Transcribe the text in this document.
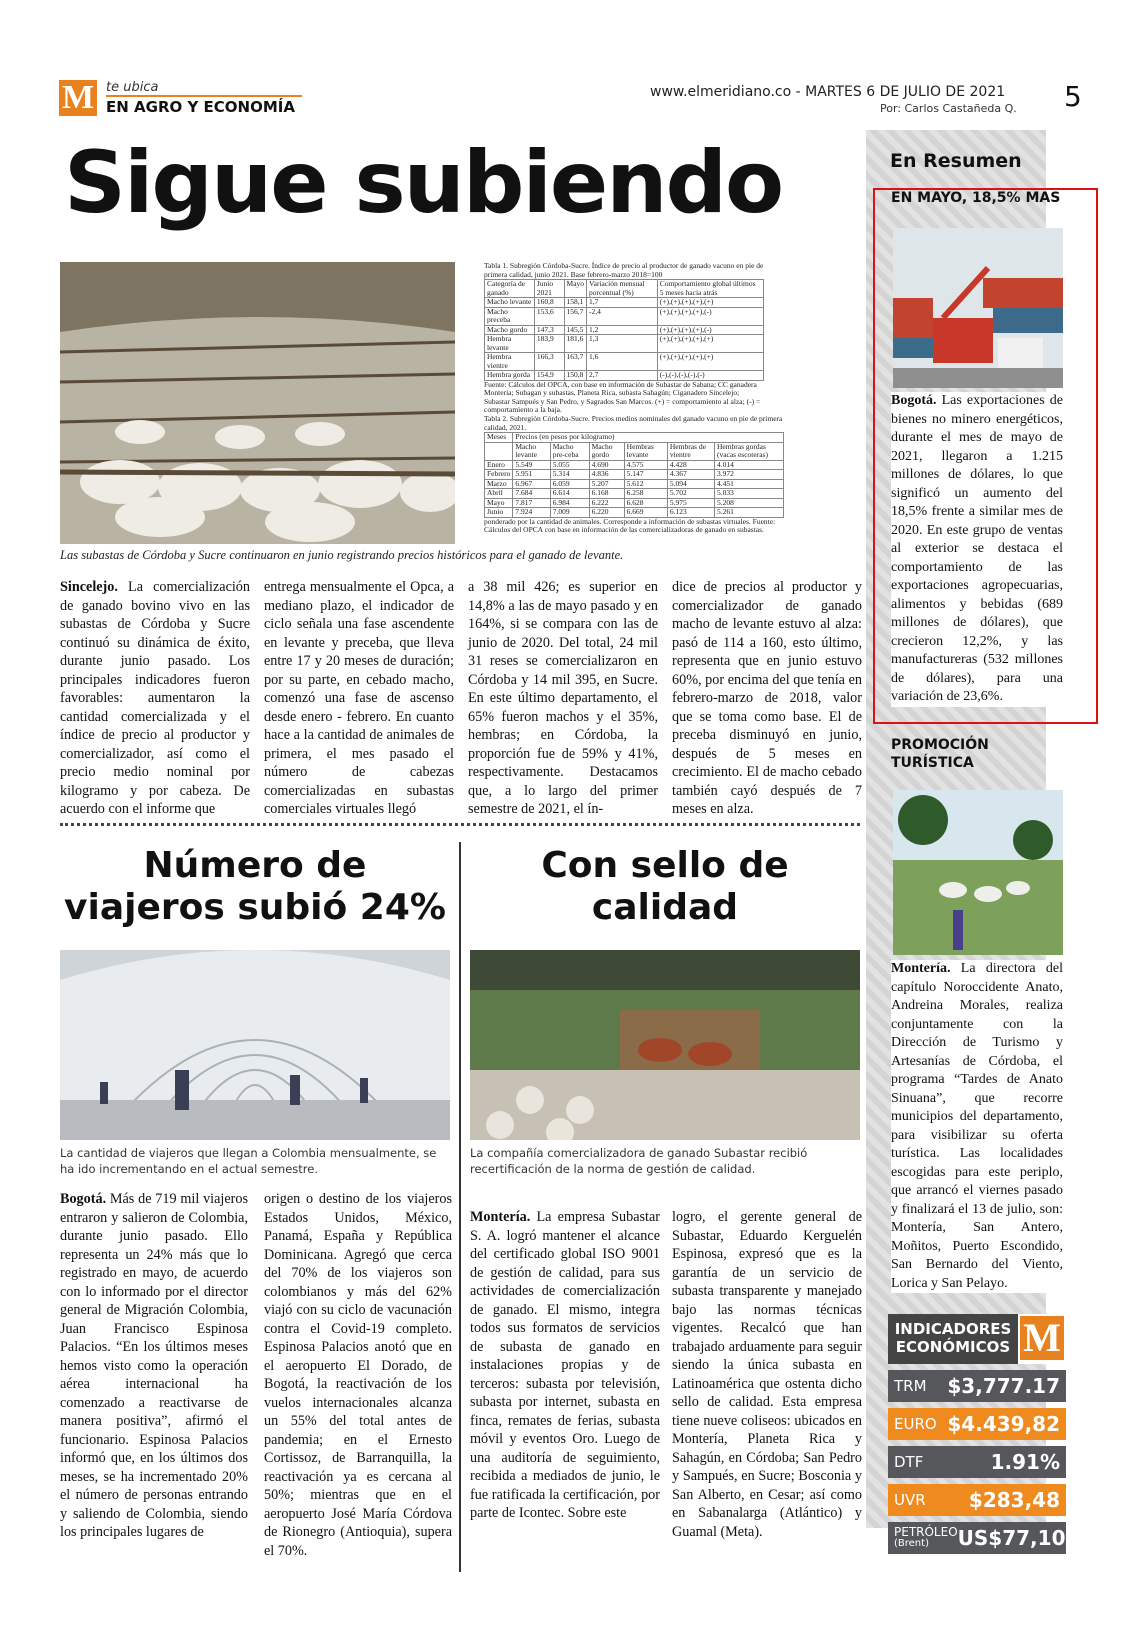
M te ubica
EN AGRO Y ECONOMÍA
www.elmeridiano.co - MARTES 6 DE JULIO DE 2021
Por: Carlos Castañeda Q. 5
Sigue subiendo
Las subastas de Córdoba y Sucre continuaron en junio registrando precios históricos para el ganado de levante.
Tabla 1. Subregión Córdoba-Sucre. Índice de precio al productor de ganado vacuno en pie de primera calidad, junio 2021. Base febrero-marzo 2018=100
Categoría de ganado	Junio 2021	Mayo	Variación mensual porcentual (%)	Comportamiento global últimos 5 meses hacia atrás
Macho levante	160,8	158,1	1,7	(+),(+),(+),(+),(+)
Macho preceba	153,6	156,7	-2,4	(+),(+),(+),(+),(-)
Macho gordo	147,3	145,5	1,2	(+),(+),(+),(+),(-)
Hembra levante	183,9	181,6	1,3	(+),(+),(+),(+),(+)
Hembra vientre	166,3	163,7	1,6	(+),(+),(+),(+),(+)
Hembra gorda	154,9	150,8	2,7	(-),(-),(-),(-),(-)
Fuente: Cálculos del OPCA, con base en información de Subastar de Sabana; CC ganadera Montería; Subagan y subastas, Planeta Rica, subasta Sahagún; Ciganadero Sincelejo; Subastar Sampués y San Pedro, y Sagrados San Marcos. (+) = comportamiento al alza; (-) = comportamiento a la baja.
Tabla 2. Subregión Córdoba-Sucre. Precios medios nominales del ganado vacuno en pie de primera calidad, 2021.
Meses	Precios (en pesos por kilogramo)					
	Macho levante	Macho pre-ceba	Macho gordo	Hembras levante	Hembras de vientre	Hembras gordas (vacas escoteras)
Enero	5.549	5.055	4.690	4.575	4.428	4.014
Febrero	5.951	5.314	4.836	5.147	4.367	3.972
Marzo	6.967	6.059	5.207	5.612	5.094	4.451
Abril	7.684	6.614	6.168	6.258	5.702	5.033
Mayo	7.817	6.984	6.222	6.628	5.975	5.208
Junio	7.924	7.009	6.220	6.669	6.123	5.261
ponderado por la cantidad de animales. Corresponde a información de subastas virtuales. Fuente: Cálculos del OPCA con base en información de las comercializadoras de ganado en subastas.
Sincelejo. La comercialización de ganado bovino vivo en las subastas de Córdoba y Sucre continuó su dinámica de éxito, durante junio pasado. Los principales indicadores fueron favorables: aumentaron la cantidad comercializada y el índice de precio al productor y comercializador, así como el precio medio nominal por kilogramo y por cabeza. De acuerdo con el informe que
entrega mensualmente el Opca, a mediano plazo, el indicador de ciclo señala una fase ascendente en levante y preceba, que lleva entre 17 y 20 meses de duración; por su parte, en cebado macho, comenzó una fase de ascenso desde enero - febrero. En cuanto hace a la cantidad de animales de primera, el mes pasado el número de cabezas comercializadas en subastas comerciales virtuales llegó
a 38 mil 426; es superior en 14,8% a las de mayo pasado y en 164%, si se compara con las de junio de 2020. Del total, 24 mil 31 reses se comercializaron en Córdoba y 14 mil 395, en Sucre. En este último departamento, el 65% fueron machos y el 35%, hembras; en Córdoba, la proporción fue de 59% y 41%, respectivamente. Destacamos que, a lo largo del primer semestre de 2021, el ín-
dice de precios al productor y comercializador de ganado macho de levante estuvo al alza: pasó de 114 a 160, esto último, representa que en junio estuvo 60%, por encima del que tenía en febrero-marzo de 2018, valor que se toma como base. El de preceba disminuyó en junio, después de 5 meses en crecimiento. El de macho cebado también cayó después de 7 meses en alza.
Número de viajeros subió 24%
La cantidad de viajeros que llegan a Colombia mensualmente, se ha ido incrementando en el actual semestre.
Bogotá. Más de 719 mil viajeros entraron y salieron de Colombia, durante junio pasado. Ello representa un 24% más que lo registrado en mayo, de acuerdo con lo informado por el director general de Migración Colombia, Juan Francisco Espinosa Palacios. “En los últimos meses hemos visto como la operación aérea internacional ha comenzado a reactivarse de manera positiva”, afirmó el funcionario. Espinosa Palacios informó que, en los últimos dos meses, se ha incrementado 20% el número de personas entrando y saliendo de Colombia, siendo los principales lugares de
origen o destino de los viajeros Estados Unidos, México, Panamá, España y República Dominicana. Agregó que cerca del 70% de los viajeros son colombianos y más del 62% viajó con su ciclo de vacunación contra el Covid-19 completo. Espinosa Palacios anotó que en el aeropuerto El Dorado, de Bogotá, la reactivación de los vuelos internacionales alcanza un 55% del total antes de pandemia; en el Ernesto Cortissoz, de Barranquilla, la reactivación ya es cercana al 50%; mientras que en el aeropuerto José María Córdova de Rionegro (Antioquia), supera el 70%.
Con sello de calidad
La compañía comercializadora de ganado Subastar recibió recertificación de la norma de gestión de calidad.
Montería. La empresa Subastar S. A. logró mantener el alcance del certificado global ISO 9001 de gestión de calidad, para sus actividades de comercialización de ganado. El mismo, integra todos sus formatos de servicios de subasta de ganado en instalaciones propias y de terceros: subasta por televisión, subasta por internet, subasta en finca, remates de ferias, subasta móvil y eventos Oro. Luego de una auditoría de seguimiento, recibida a mediados de junio, le fue ratificada la certificación, por parte de Icontec. Sobre este
logro, el gerente general de Subastar, Eduardo Kerguelén Espinosa, expresó que es la garantía de un servicio de subasta transparente y manejado bajo las normas técnicas vigentes. Recalcó que han trabajado arduamente para seguir siendo la única subasta en Latinoamérica que ostenta dicho sello de calidad. Esta empresa tiene nueve coliseos: ubicados en Montería, Planeta Rica y Sahagún, en Córdoba; San Pedro y Sampués, en Sucre; Bosconia y San Alberto, en Cesar; así como en Sabanalarga (Atlántico) y Guamal (Meta).
En Resumen
EN MAYO, 18,5% MAS
Bogotá. Las exportaciones de bienes no minero energéticos, durante el mes de mayo de 2021, llegaron a 1.215 millones de dólares, lo que significó un aumento del 18,5% frente a similar mes de 2020. En este grupo de ventas al exterior se destaca el comportamiento de las exportaciones agropecuarias, alimentos y bebidas (689 millones de dólares), que crecieron 12,2%, y las manufactureras (532 millones de dólares), para una variación de 23,6%.
PROMOCIÓN TURÍSTICA
Montería. La directora del capítulo Noroccidente Anato, Andreina Morales, realiza conjuntamente con la Dirección de Turismo y Artesanías de Córdoba, el programa “Tardes de Anato Sinuana”, que recorre municipios del departamento, para visibilizar su oferta turística. Las localidades escogidas para este periplo, que arrancó el viernes pasado y finalizará el 13 de julio, son: Montería, San Antero, Moñitos, Puerto Escondido, San Bernardo del Viento, Lorica y San Pelayo.
INDICADORES ECONÓMICOS M
TRM $3,777.17
EURO $4.439,82
DTF	1.91%
UVR $283,48
PETRÓLEO
(Brent)	US$77,10
